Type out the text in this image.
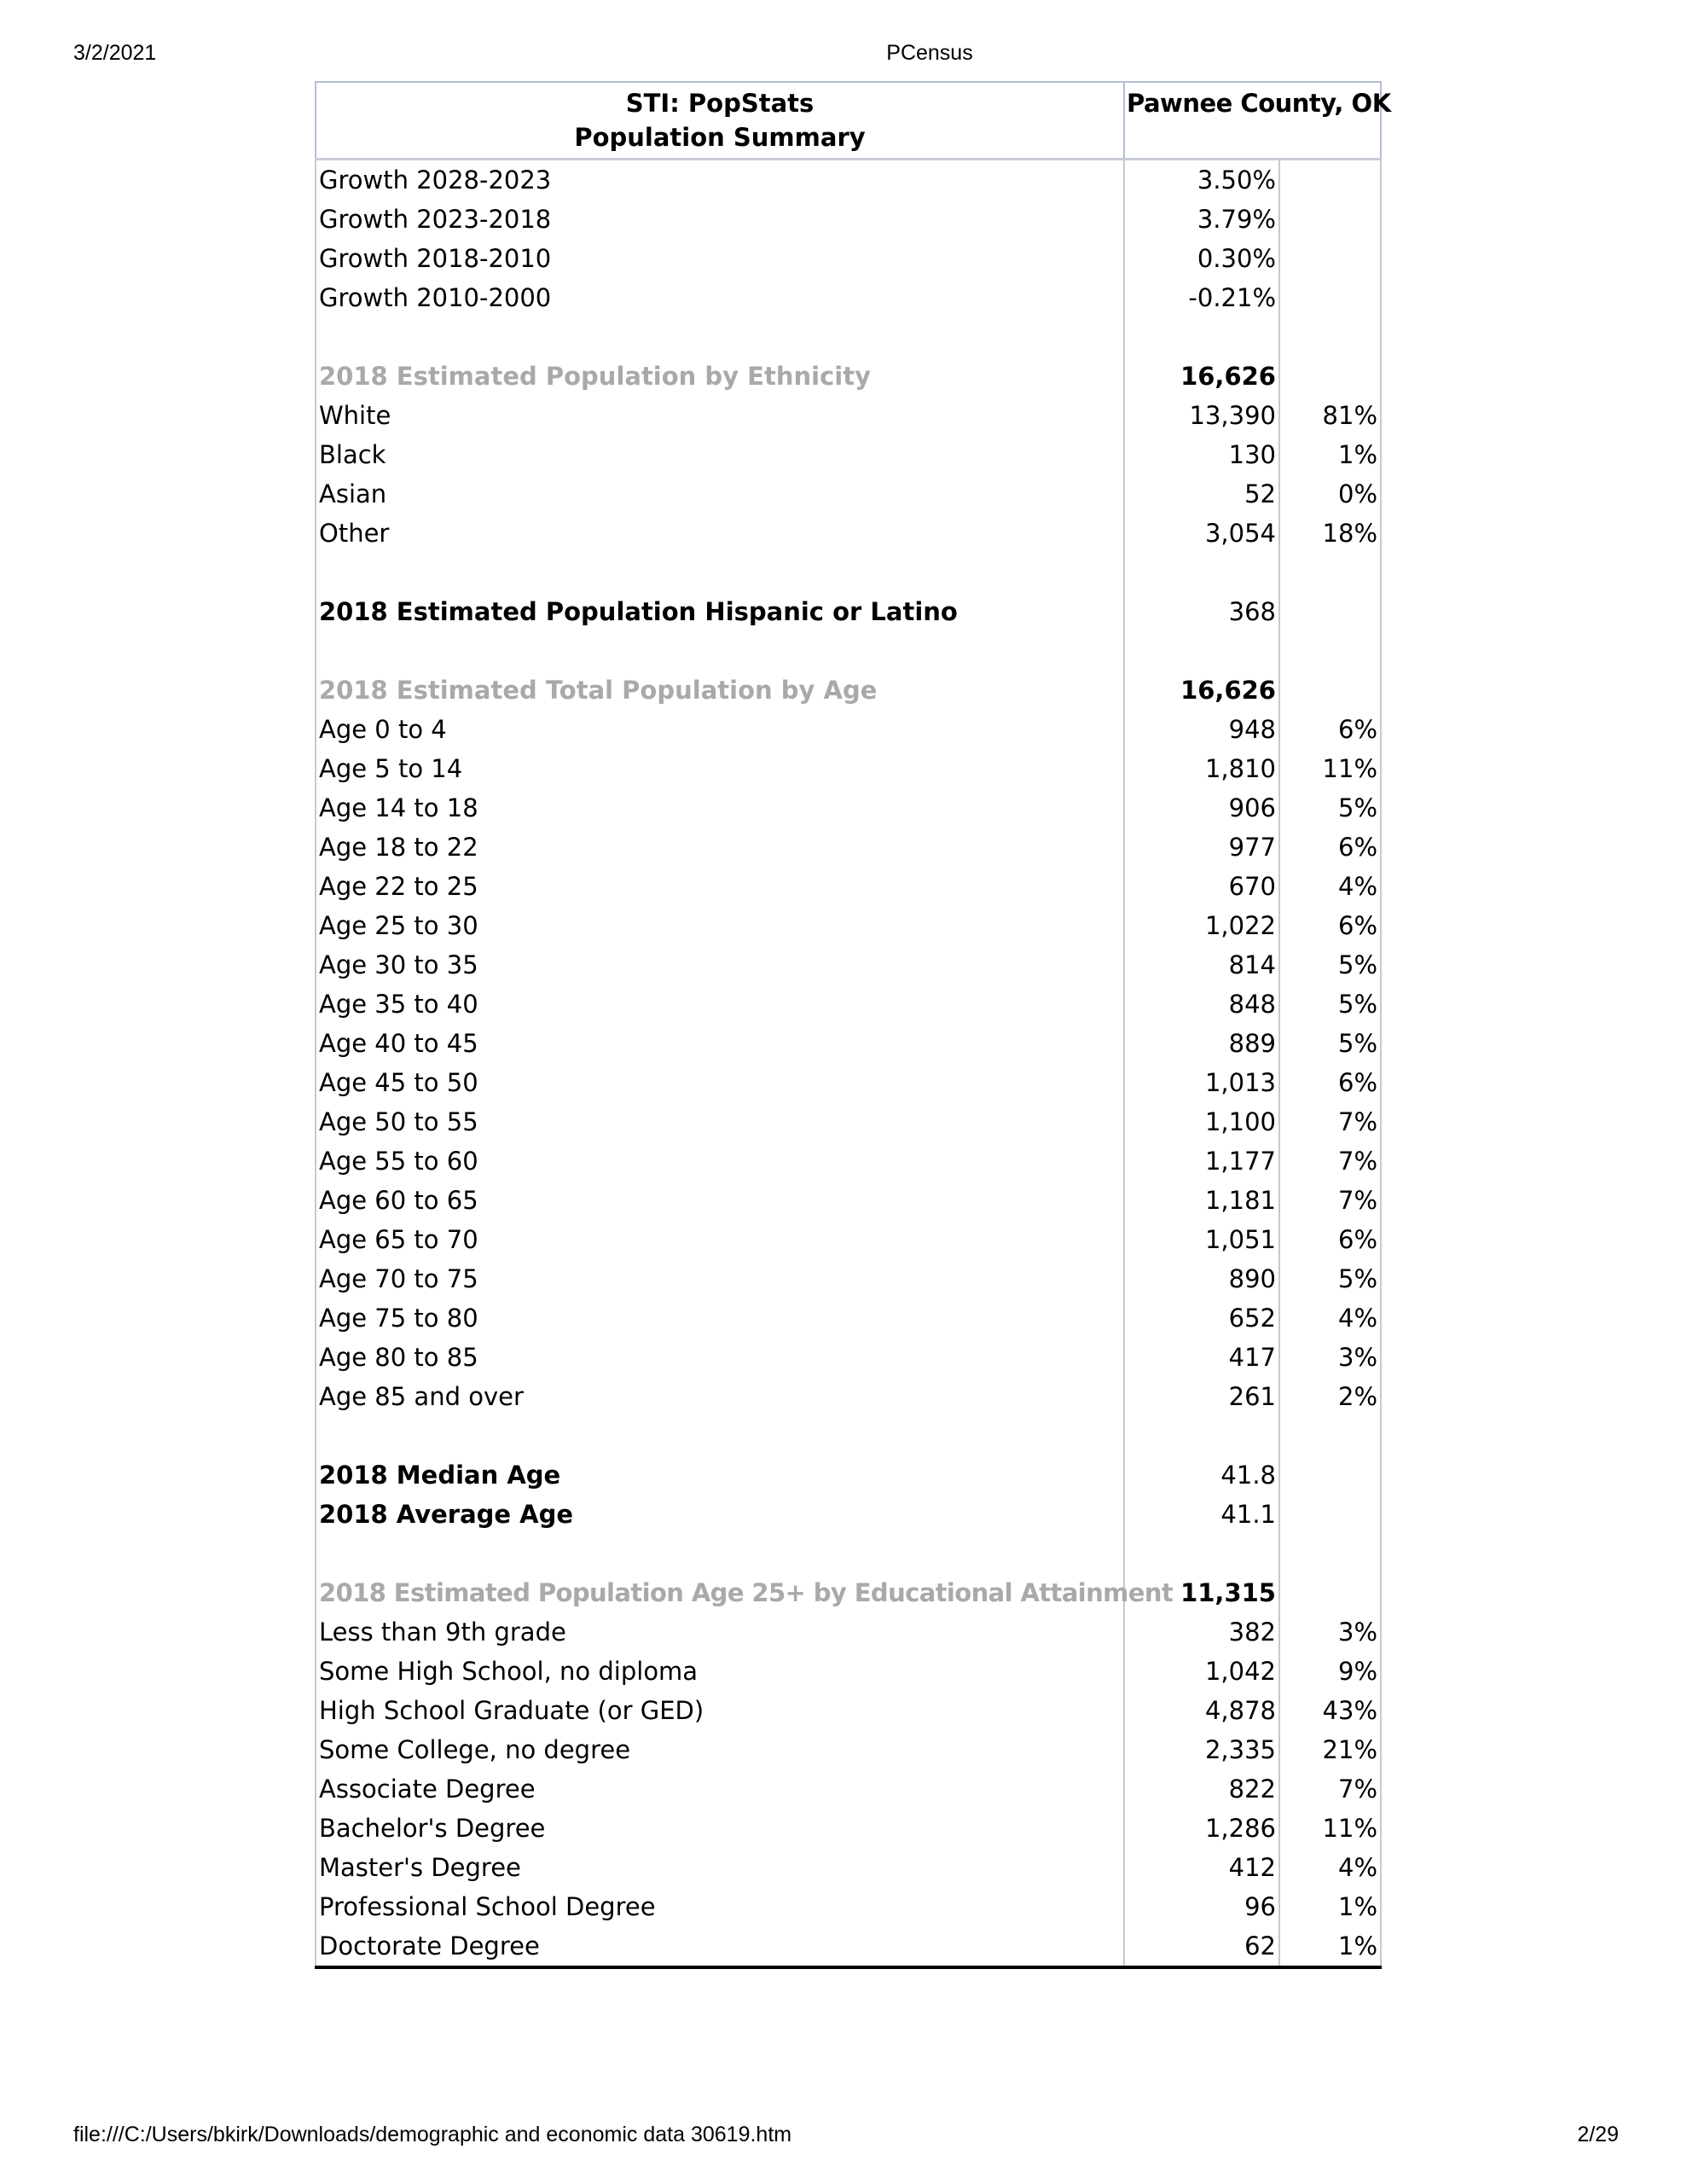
3/2/2021	PCensus
STI: PopStats
Population Summary	Pawnee County, OK	
Growth 2028-2023	3.50%	
Growth 2023-2018	3.79%	
Growth 2018-2010	0.30%	
Growth 2010-2000	-0.21%	

2018 Estimated Population by Ethnicity	16,626	
White	13,390	81%
Black	130	1%
Asian	52	0%
Other	3,054	18%

2018 Estimated Population Hispanic or Latino	368	

2018 Estimated Total Population by Age	16,626	
Age 0 to 4	948	6%
Age 5 to 14	1,810	11%
Age 14 to 18	906	5%
Age 18 to 22	977	6%
Age 22 to 25	670	4%
Age 25 to 30	1,022	6%
Age 30 to 35	814	5%
Age 35 to 40	848	5%
Age 40 to 45	889	5%
Age 45 to 50	1,013	6%
Age 50 to 55	1,100	7%
Age 55 to 60	1,177	7%
Age 60 to 65	1,181	7%
Age 65 to 70	1,051	6%
Age 70 to 75	890	5%
Age 75 to 80	652	4%
Age 80 to 85	417	3%
Age 85 and over	261	2%

2018 Median Age	41.8	
2018 Average Age	41.1	

2018 Estimated Population Age 25+ by Educational Attainment	11,315	
Less than 9th grade	382	3%
Some High School, no diploma	1,042	9%
High School Graduate (or GED)	4,878	43%
Some College, no degree	2,335	21%
Associate Degree	822	7%
Bachelor's Degree	1,286	11%
Master's Degree	412	4%
Professional School Degree	96	1%
Doctorate Degree	62	1%
file:///C:/Users/bkirk/Downloads/demographic and economic data 30619.htm	2/29
